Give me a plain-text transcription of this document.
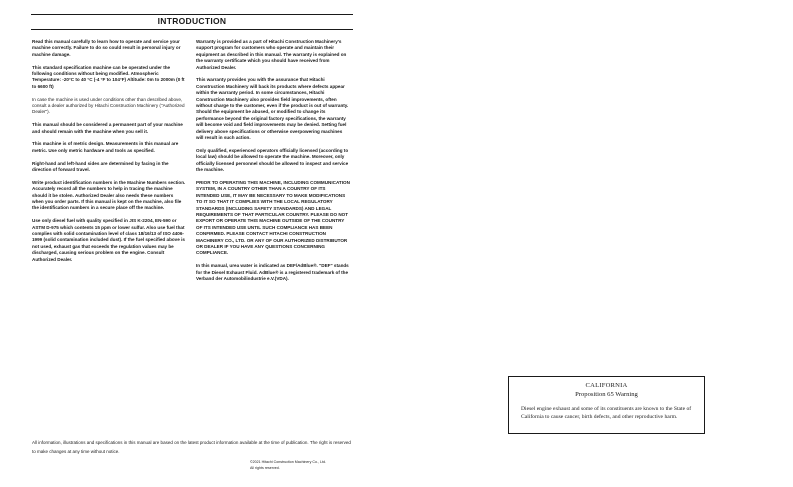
INTRODUCTION

Read this manual carefully to learn how to operate and service your machine correctly. Failure to do so could result in personal injury or machine damage.

This standard specification machine can be operated under the following conditions without being modified. Atmospheric Temperature: -20°C to 40 °C (-4 °F to 104°F) Altitude: 0m to 2000m (0 ft to 6600 ft)

In case the machine is used under conditions other than described above, consult a dealer authorized by Hitachi Construction Machinery ("Authorized Dealer").

This manual should be considered a permanent part of your machine and should remain with the machine when you sell it.

This machine is of metric design. Measurements in this manual are metric. Use only metric hardware and tools as specified.

Right-hand and left-hand sides are determined by facing in the direction of forward travel.

Write product identification numbers in the Machine Numbers section. Accurately record all the numbers to help in tracing the machine should it be stolen. Authorized Dealer also needs these numbers when you order parts. If this manual is kept on the machine, also file the identification numbers in a secure place off the machine.

Use only diesel fuel with quality specified in JIS K-2204, EN-590 or ASTM D-975 which contents 15 ppm or lower sulfur. Also use fuel that complies with solid contamination level of class 18/16/13 of ISO 4406-1999 (solid contamination included dust). If the fuel specified above is not used, exhaust gas that exceeds the regulation values may be discharged, causing serious problem on the engine. Consult Authorized Dealer.

Warranty is provided as a part of Hitachi Construction Machinery's support program for customers who operate and maintain their equipment as described in this manual. The warranty is explained on the warranty certificate which you should have received from Authorized Dealer.

This warranty provides you with the assurance that Hitachi Construction Machinery will back its products where defects appear within the warranty period. In some circumstances, Hitachi Construction Machinery also provides field improvements, often without charge to the customer, even if the product is out of warranty. Should the equipment be abused, or modified to change its performance beyond the original factory specifications, the warranty will become void and field improvements may be denied. Setting fuel delivery above specifications or otherwise overpowering machines will result in such action.

Only qualified, experienced operators officially licensed (according to local law) should be allowed to operate the machine. Moreover, only officially licensed personnel should be allowed to inspect and service the machine.

PRIOR TO OPERATING THIS MACHINE, INCLUDING COMMUNICATION SYSTEM, IN A COUNTRY OTHER THAN A COUNTRY OF ITS INTENDED USE, IT MAY BE NECESSARY TO MAKE MODIFICATIONS TO IT SO THAT IT COMPLIES WITH THE LOCAL REGULATORY STANDARDS (INCLUDING SAFETY STANDARDS) AND LEGAL REQUIREMENTS OF THAT PARTICULAR COUNTRY. PLEASE DO NOT EXPORT OR OPERATE THIS MACHINE OUTSIDE OF THE COUNTRY OF ITS INTENDED USE UNTIL SUCH COMPLIANCE HAS BEEN CONFIRMED. PLEASE CONTACT HITACHI CONSTRUCTION MACHINERY CO., LTD. OR ANY OF OUR AUTHORIZED DISTRIBUTOR OR DEALER IF YOU HAVE ANY QUESTIONS CONCERNING COMPLIANCE.

In this manual, urea water is indicated as DEF/AdBlue®. "DEF" stands for the Diesel Exhaust Fluid. AdBlue® is a registered trademark of the Verband der Automobilindustrie e.V.(VDA).

All information, illustrations and specifications in this manual are based on the latest product information available at the time of publication. The right is reserved to make changes at any time without notice.
©2021 Hitachi Construction Machinery Co., Ltd.
All rights reserved.
CALIFORNIA
Proposition 65 Warning
Diesel engine exhaust and some of its constituents are known to the State of California to cause cancer, birth defects, and other reproductive harm.
